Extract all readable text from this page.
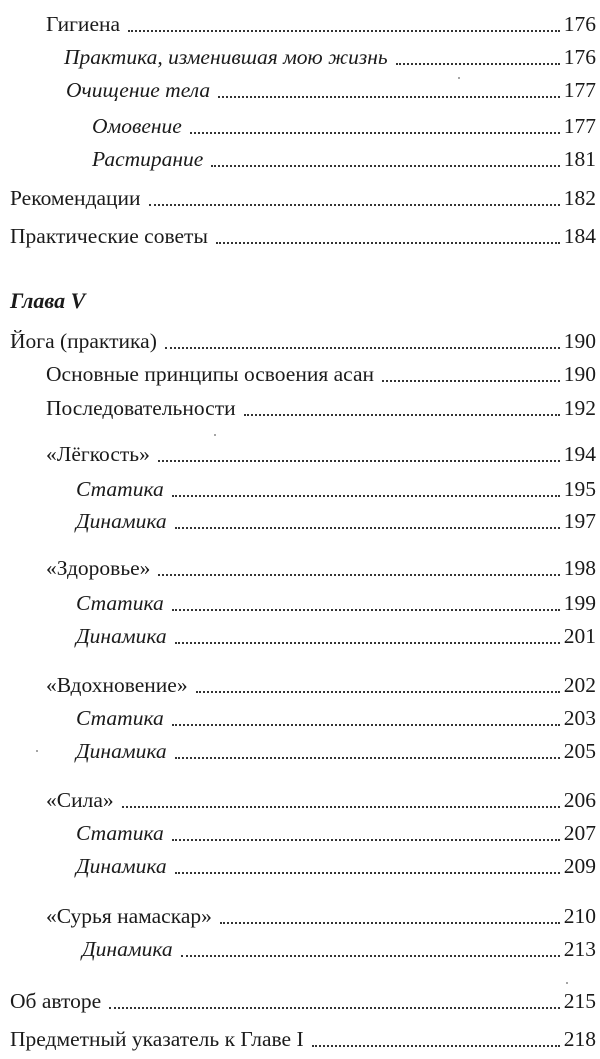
Гигиена	176
Практика, изменившая мою жизнь	176
Очищение тела	177
Омовение	177
Растирание	181
Рекомендации	182
Практические советы	184
Глава V
Йога (практика)	190
Основные принципы освоения асан	190
Последовательности	192
«Лёгкость»	194
Статика	195
Динамика	197
«Здоровье»	198
Статика	199
Динамика	201
«Вдохновение»	202
Статика	203
Динамика	205
«Сила»	206
Статика	207
Динамика	209
«Сурья намаскар»	210
Динамика	213
Об авторе	215
Предметный указатель к Главе I	218
